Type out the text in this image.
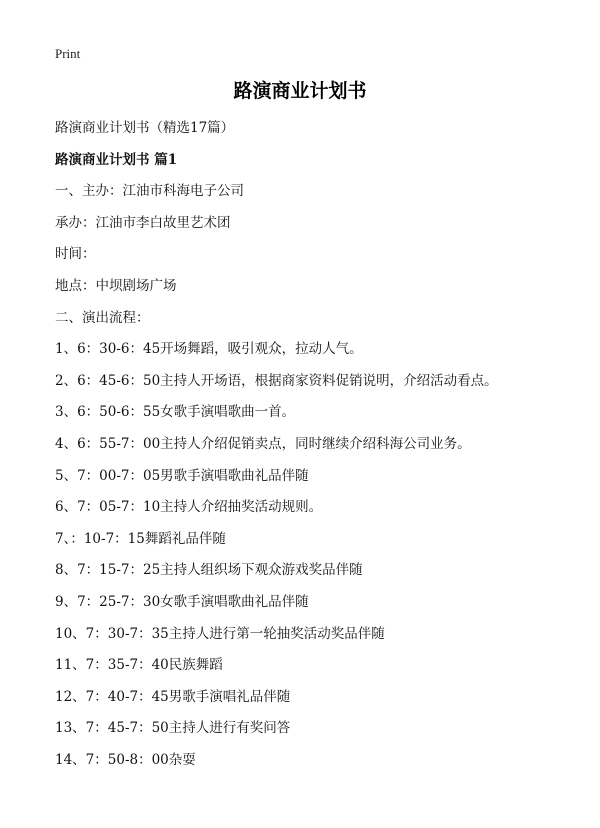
Print
路演商业计划书
路演商业计划书（精选17篇）
路演商业计划书 篇1
一、主办：江油市科海电子公司
承办：江油市李白故里艺术团
时间：
地点：中坝剧场广场
二、演出流程：
1、6：30-6：45开场舞蹈，吸引观众，拉动人气。
2、6：45-6：50主持人开场语，根据商家资料促销说明，介绍活动看点。
3、6：50-6：55女歌手演唱歌曲一首。
4、6：55-7：00主持人介绍促销卖点，同时继续介绍科海公司业务。
5、7：00-7：05男歌手演唱歌曲礼品伴随
6、7：05-7：10主持人介绍抽奖活动规则。
7、：10-7：15舞蹈礼品伴随
8、7：15-7：25主持人组织场下观众游戏奖品伴随
9、7：25-7：30女歌手演唱歌曲礼品伴随
10、7：30-7：35主持人进行第一轮抽奖活动奖品伴随
11、7：35-7：40民族舞蹈
12、7：40-7：45男歌手演唱礼品伴随
13、7：45-7：50主持人进行有奖问答
14、7：50-8：00杂耍
